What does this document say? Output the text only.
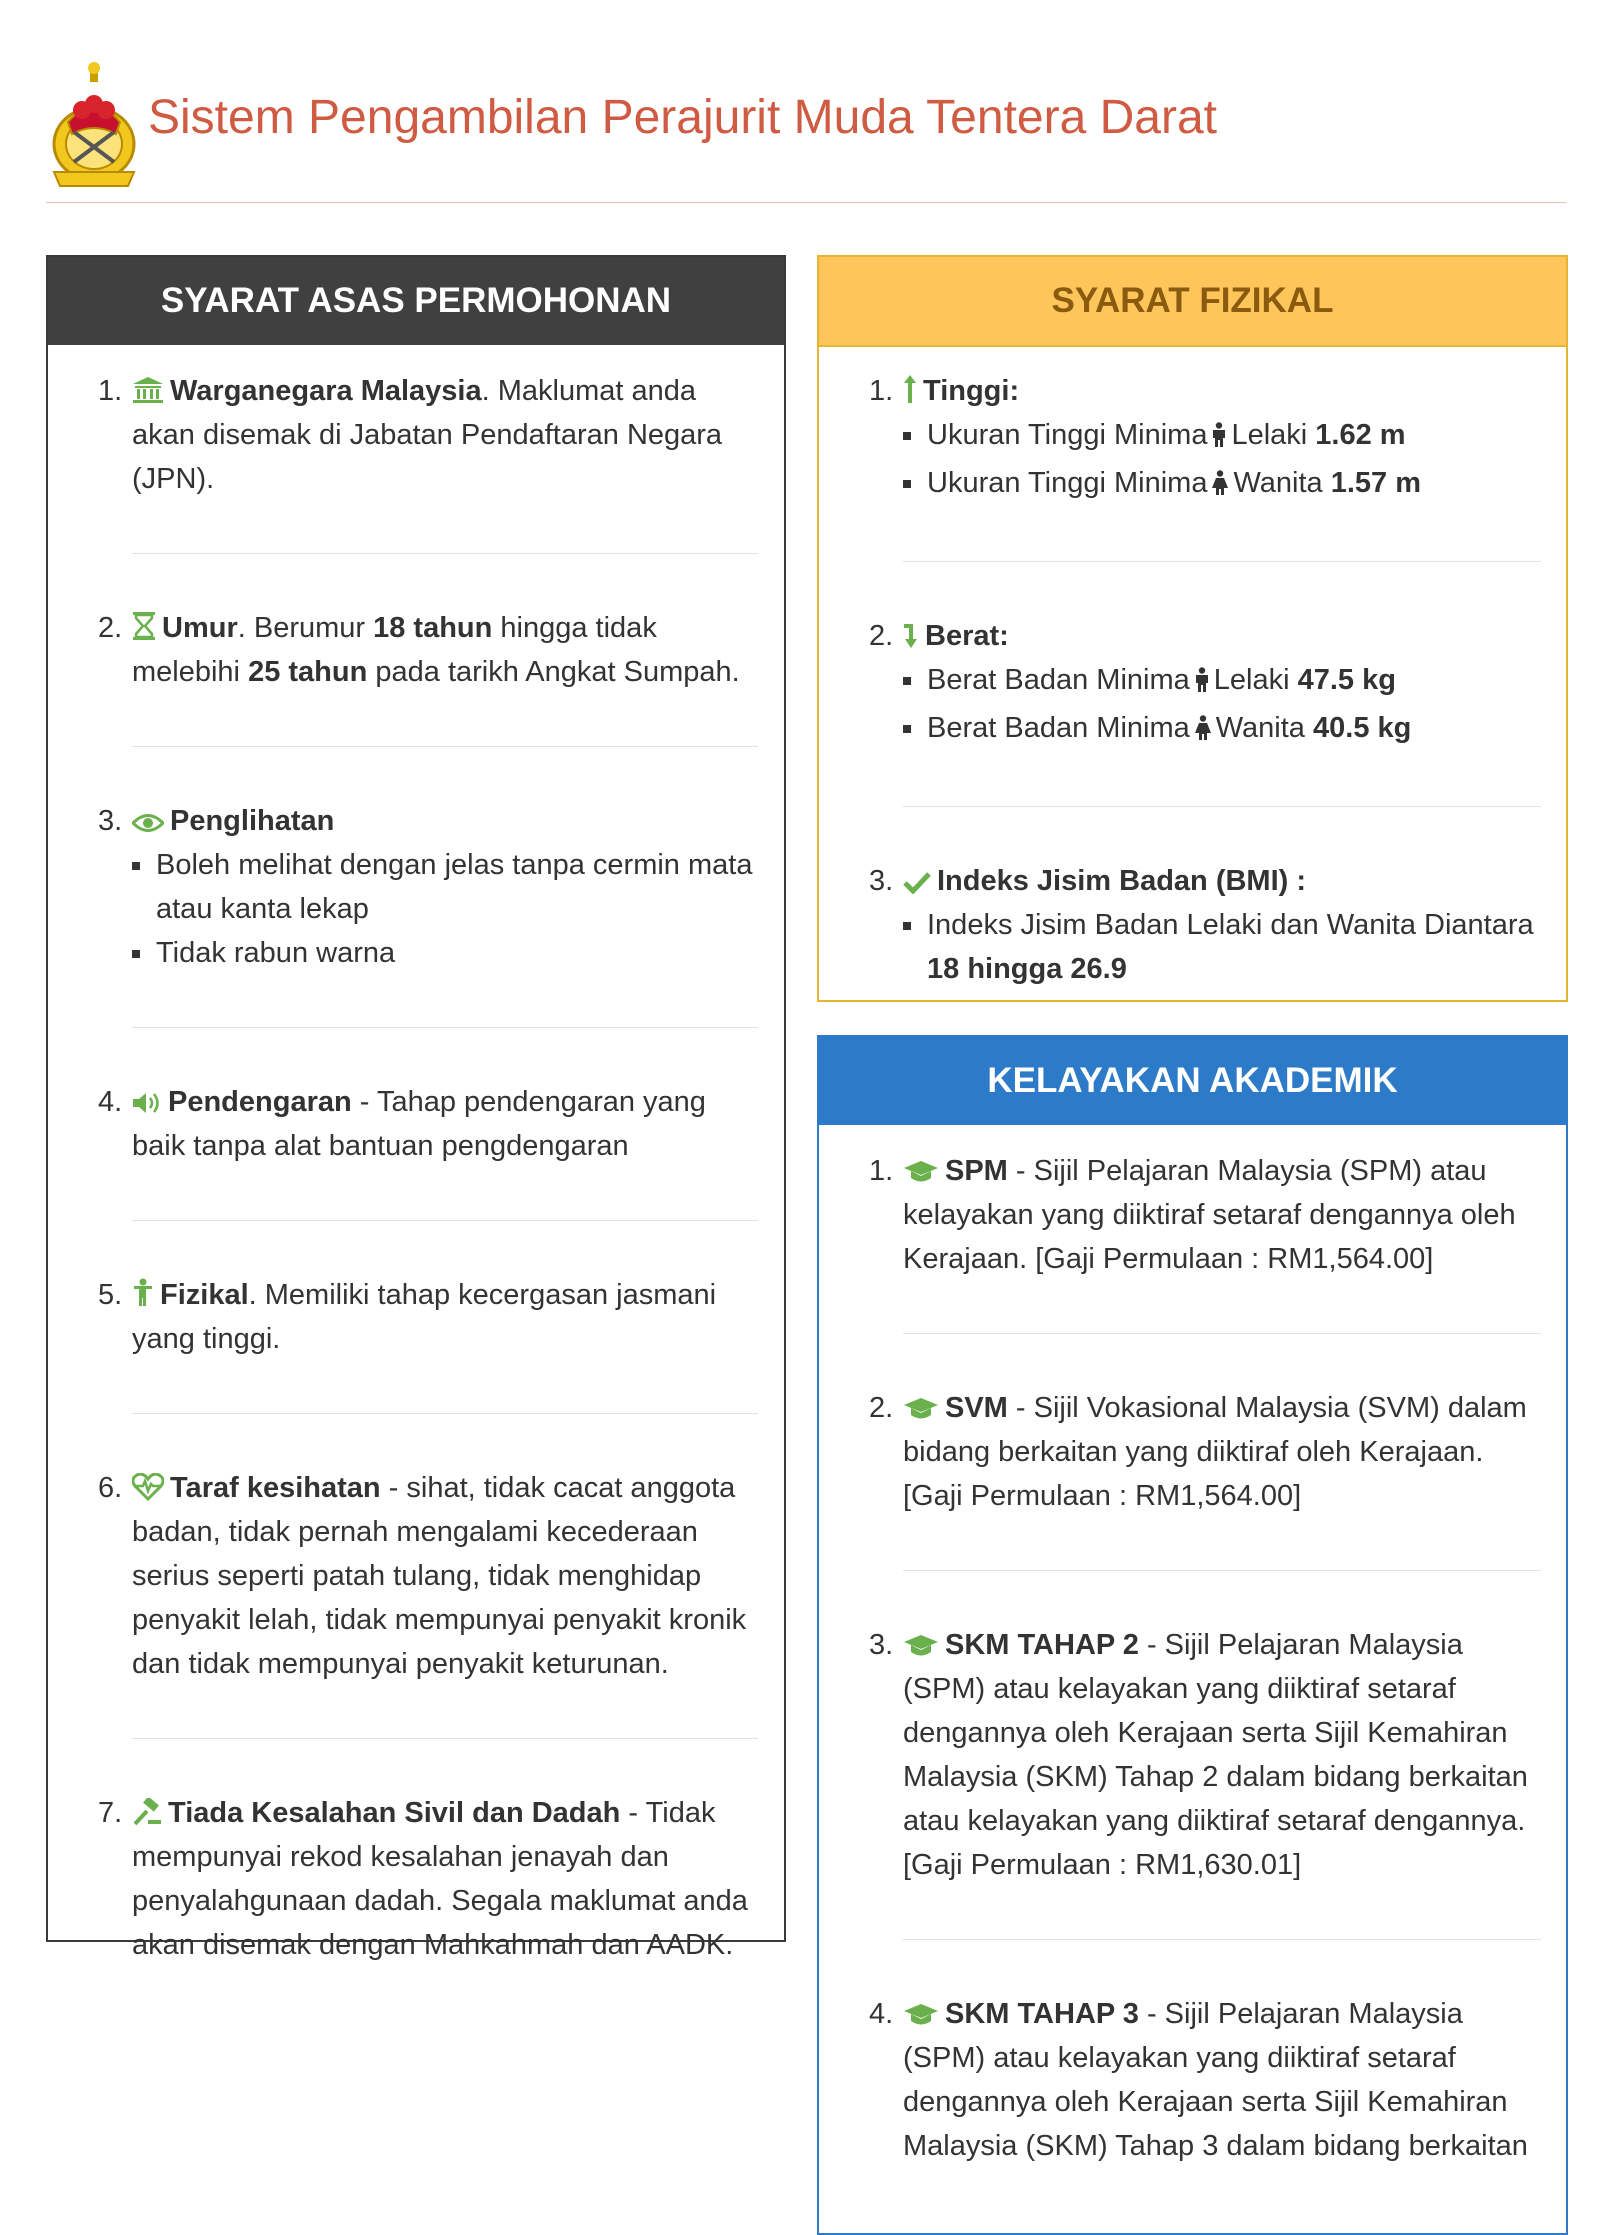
Sistem Pengambilan Perajurit Muda Tentera Darat
SYARAT ASAS PERMOHONAN
1. Warganegara Malaysia. Maklumat anda akan disemak di Jabatan Pendaftaran Negara (JPN).
2. Umur. Berumur 18 tahun hingga tidak melebihi 25 tahun pada tarikh Angkat Sumpah.
3. Penglihatan
Boleh melihat dengan jelas tanpa cermin mata atau kanta lekap
Tidak rabun warna
4. Pendengaran - Tahap pendengaran yang baik tanpa alat bantuan pengdengaran
5. Fizikal. Memiliki tahap kecergasan jasmani yang tinggi.
6. Taraf kesihatan - sihat, tidak cacat anggota badan, tidak pernah mengalami kecederaan serius seperti patah tulang, tidak menghidap penyakit lelah, tidak mempunyai penyakit kronik dan tidak mempunyai penyakit keturunan.
7. Tiada Kesalahan Sivil dan Dadah - Tidak mempunyai rekod kesalahan jenayah dan penyalahgunaan dadah. Segala maklumat anda akan disemak dengan Mahkahmah dan AADK.
SYARAT FIZIKAL
1. Tinggi:
Ukuran Tinggi Minima Lelaki 1.62 m
Ukuran Tinggi Minima Wanita 1.57 m
2. Berat:
Berat Badan Minima Lelaki 47.5 kg
Berat Badan Minima Wanita 40.5 kg
3. Indeks Jisim Badan (BMI) :
Indeks Jisim Badan Lelaki dan Wanita Diantara 18 hingga 26.9
KELAYAKAN AKADEMIK
1. SPM - Sijil Pelajaran Malaysia (SPM) atau kelayakan yang diiktiraf setaraf dengannya oleh Kerajaan. [Gaji Permulaan : RM1,564.00]
2. SVM - Sijil Vokasional Malaysia (SVM) dalam bidang berkaitan yang diiktiraf oleh Kerajaan. [Gaji Permulaan : RM1,564.00]
3. SKM TAHAP 2 - Sijil Pelajaran Malaysia (SPM) atau kelayakan yang diiktiraf setaraf dengannya oleh Kerajaan serta Sijil Kemahiran Malaysia (SKM) Tahap 2 dalam bidang berkaitan atau kelayakan yang diiktiraf setaraf dengannya. [Gaji Permulaan : RM1,630.01]
4. SKM TAHAP 3 - Sijil Pelajaran Malaysia (SPM) atau kelayakan yang diiktiraf setaraf dengannya oleh Kerajaan serta Sijil Kemahiran Malaysia (SKM) Tahap 3 dalam bidang berkaitan
